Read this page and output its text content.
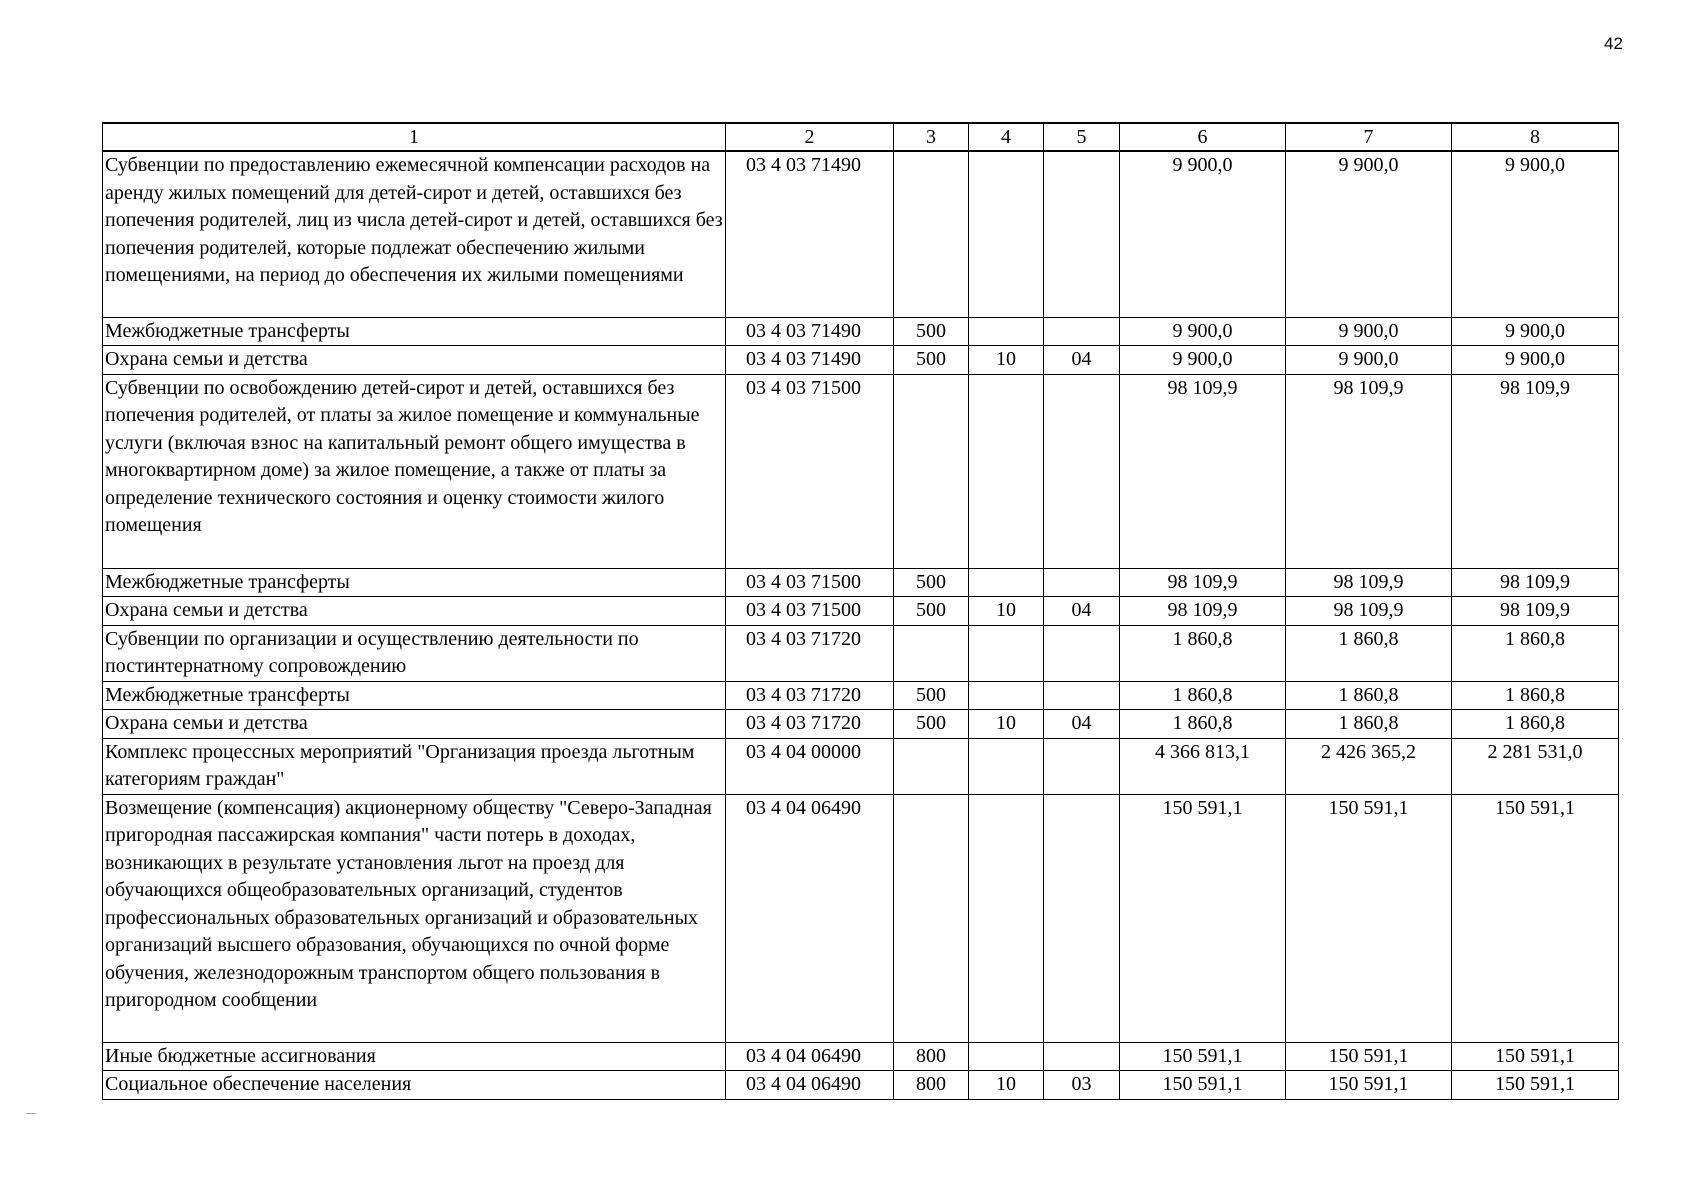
42
1	2	3	4	5	6	7	8
Субвенции по предоставлению ежемесячной компенсации расходов на аренду жилых помещений для детей-сирот и детей, оставшихся без попечения родителей, лиц из числа детей-сирот и детей, оставшихся без попечения родителей, которые подлежат обеспечению жилыми помещениями, на период до обеспечения их жилыми помещениями	03 4 03 71490				9 900,0	9 900,0	9 900,0
Межбюджетные трансферты	03 4 03 71490	500			9 900,0	9 900,0	9 900,0
Охрана семьи и детства	03 4 03 71490	500	10	04	9 900,0	9 900,0	9 900,0
Субвенции по освобождению детей-сирот и детей, оставшихся без попечения родителей, от платы за жилое помещение и коммунальные услуги (включая взнос на капитальный ремонт общего имущества в многоквартирном доме) за жилое помещение, а также от платы за определение технического состояния и оценку стоимости жилого помещения	03 4 03 71500				98 109,9	98 109,9	98 109,9
Межбюджетные трансферты	03 4 03 71500	500			98 109,9	98 109,9	98 109,9
Охрана семьи и детства	03 4 03 71500	500	10	04	98 109,9	98 109,9	98 109,9
Субвенции по организации и осуществлению деятельности по постинтернатному сопровождению	03 4 03 71720				1 860,8	1 860,8	1 860,8
Межбюджетные трансферты	03 4 03 71720	500			1 860,8	1 860,8	1 860,8
Охрана семьи и детства	03 4 03 71720	500	10	04	1 860,8	1 860,8	1 860,8
Комплекс процессных мероприятий "Организация проезда льготным категориям граждан"	03 4 04 00000				4 366 813,1	2 426 365,2	2 281 531,0
Возмещение (компенсация) акционерному обществу "Северо-Западная пригородная пассажирская компания" части потерь в доходах, возникающих в результате установления льгот на проезд для обучающихся общеобразовательных организаций, студентов профессиональных образовательных организаций и образовательных организаций высшего образования, обучающихся по очной форме обучения, железнодорожным транспортом общего пользования в пригородном сообщении	03 4 04 06490				150 591,1	150 591,1	150 591,1
Иные бюджетные ассигнования	03 4 04 06490	800			150 591,1	150 591,1	150 591,1
Социальное обеспечение населения	03 4 04 06490	800	10	03	150 591,1	150 591,1	150 591,1
—
